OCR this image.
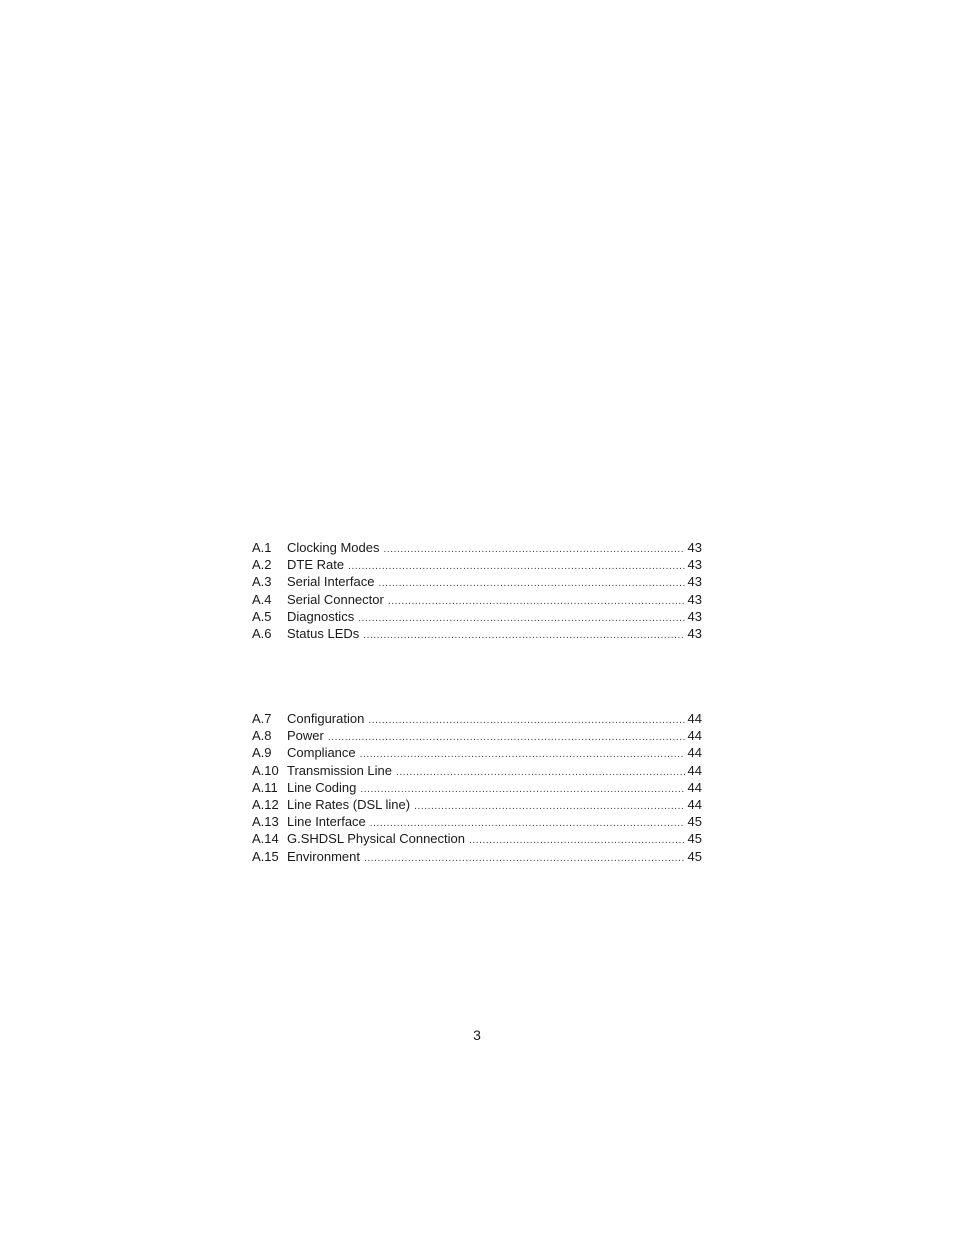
A.1	Clocking Modes .....	43
A.2	DTE Rate .....	43
A.3	Serial Interface .....	43
A.4	Serial Connector .....	43
A.5	Diagnostics .....	43
A.6	Status LEDs .....	43
A.7	Configuration .....	44
A.8	Power .....	44
A.9	Compliance .....	44
A.10 Transmission Line .....	44
A.11 Line Coding .....	44
A.12 Line Rates (DSL line) .....	44
A.13 Line Interface .....	45
A.14 G.SHDSL Physical Connection .....	45
A.15 Environment .....	45
3
